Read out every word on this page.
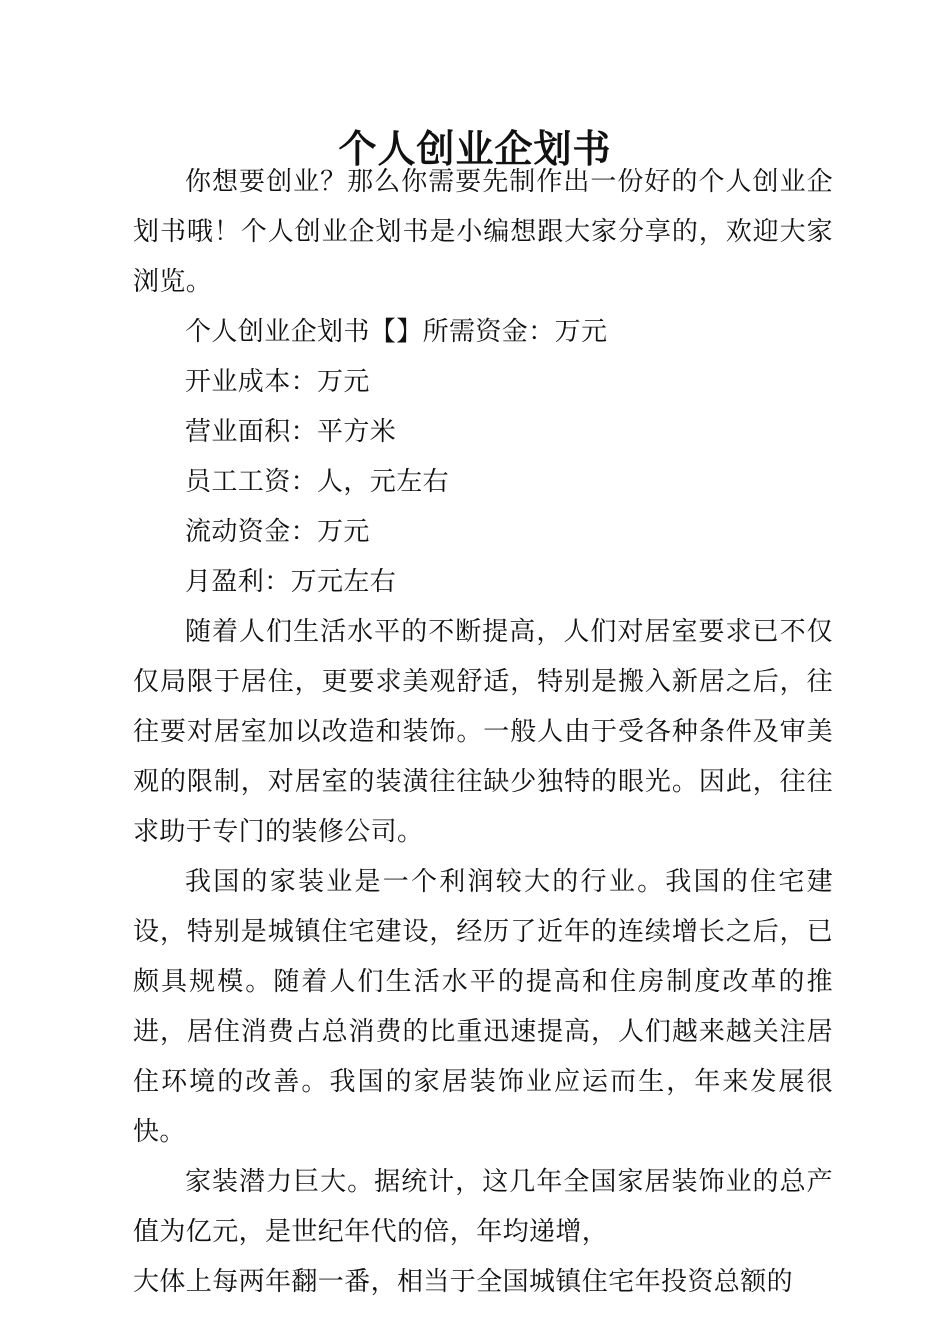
个人创业企划书

你想要创业？那么你需要先制作出一份好的个人创业企划书哦！个人创业企划书是小编想跟大家分享的，欢迎大家浏览。

个人创业企划书【】所需资金：万元

开业成本：万元

营业面积：平方米

员工工资：人，元左右

流动资金：万元

月盈利：万元左右

随着人们生活水平的不断提高，人们对居室要求已不仅仅局限于居住，更要求美观舒适，特别是搬入新居之后，往往要对居室加以改造和装饰。一般人由于受各种条件及审美观的限制，对居室的装潢往往缺少独特的眼光。因此，往往求助于专门的装修公司。

我国的家装业是一个利润较大的行业。我国的住宅建设，特别是城镇住宅建设，经历了近年的连续增长之后，已颇具规模。随着人们生活水平的提高和住房制度改革的推进，居住消费占总消费的比重迅速提高，人们越来越关注居住环境的改善。我国的家居装饰业应运而生，年来发展很快。

家装潜力巨大。据统计，这几年全国家居装饰业的总产值为亿元，是世纪年代的倍，年均递增，

大体上每两年翻一番，相当于全国城镇住宅年投资总额的
